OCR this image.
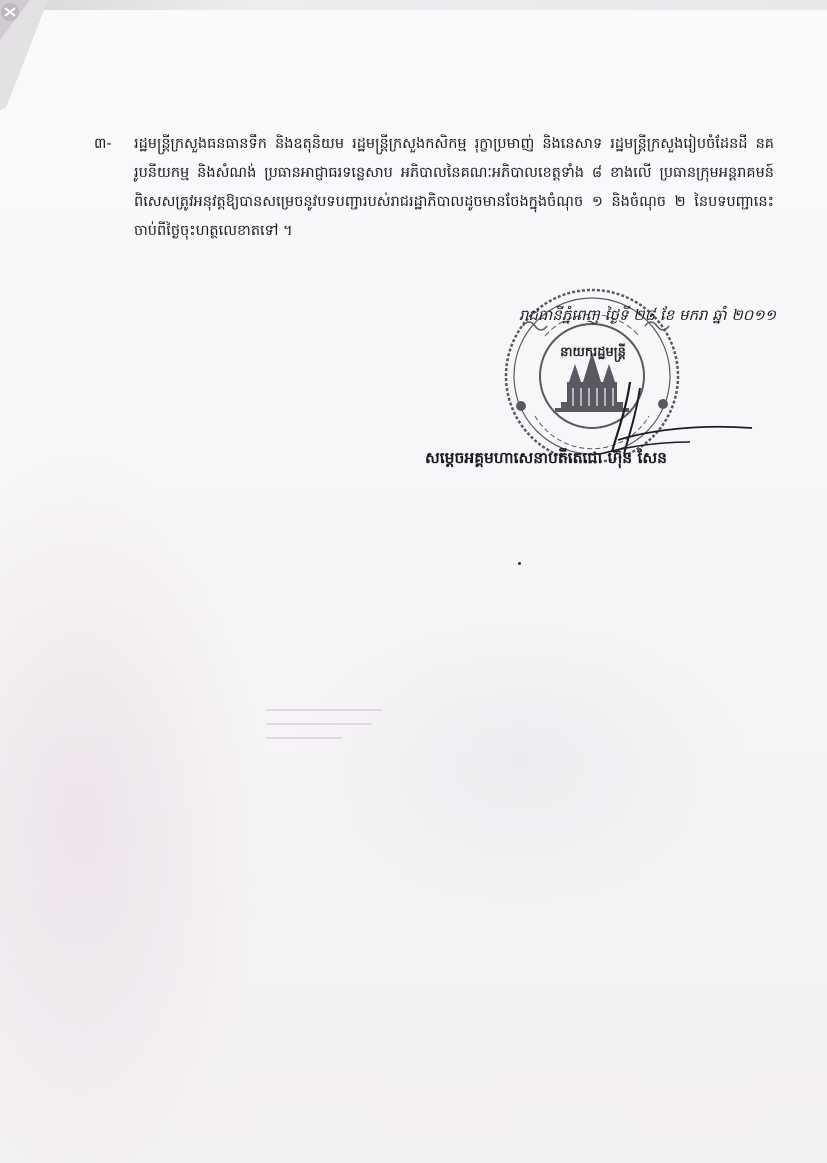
៣-	រដ្ឋមន្ត្រីក្រសួងធនធានទឹក និងឧតុនិយម រដ្ឋមន្ត្រីក្រសួងកសិកម្ម រុក្ខាប្រមាញ់ និងនេសាទ រដ្ឋមន្ត្រីក្រសួងរៀបចំដែនដី នគរូបនីយកម្ម និងសំណង់ ប្រធានអាជ្ញាធរទន្លេសាប អភិបាលនៃគណៈអភិបាលខេត្តទាំង ៨ ខាងលើ ប្រធានក្រុមអន្តរាគមន៍ពិសេសត្រូវអនុវត្តឱ្យបានសម្រេចនូវបទបញ្ជារបស់រាជរដ្ឋាភិបាលដូចមានចែងក្នុងចំណុច ១ និងចំណុច ២ នៃបទបញ្ជានេះ ចាប់ពីថ្ងៃចុះហត្ថលេខាតទៅ ។
នាយករដ្ឋមន្ត្រី
រាជធានីភ្នំពេញ ថ្ងៃទី ២៨ ខែ មករា ឆ្នាំ ២០១១
សម្ដេចអគ្គមហាសេនាបតីតេជោ ហ៊ុន សែន
